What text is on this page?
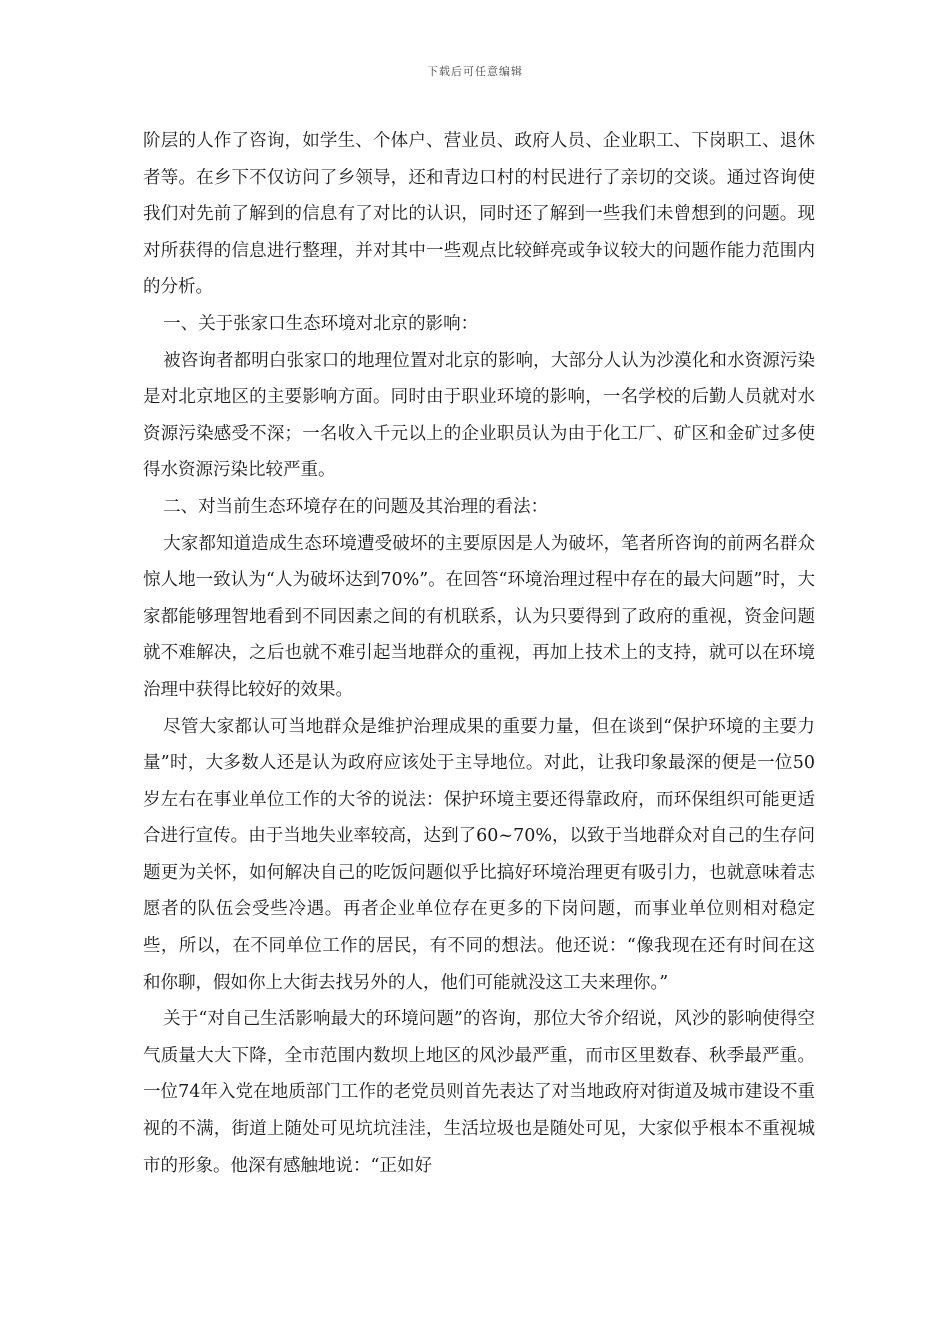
下载后可任意编辑

阶层的人作了咨询，如学生、个体户、营业员、政府人员、企业职工、下岗职工、退休者等。在乡下不仅访问了乡领导，还和青边口村的村民进行了亲切的交谈。通过咨询使我们对先前了解到的信息有了对比的认识，同时还了解到一些我们未曾想到的问题。现对所获得的信息进行整理，并对其中一些观点比较鲜亮或争议较大的问题作能力范围内的分析。

一、关于张家口生态环境对北京的影响：

被咨询者都明白张家口的地理位置对北京的影响，大部分人认为沙漠化和水资源污染是对北京地区的主要影响方面。同时由于职业环境的影响，一名学校的后勤人员就对水资源污染感受不深；一名收入千元以上的企业职员认为由于化工厂、矿区和金矿过多使得水资源污染比较严重。

二、对当前生态环境存在的问题及其治理的看法：

大家都知道造成生态环境遭受破坏的主要原因是人为破坏，笔者所咨询的前两名群众惊人地一致认为“人为破坏达到70%”。在回答“环境治理过程中存在的最大问题”时，大家都能够理智地看到不同因素之间的有机联系，认为只要得到了政府的重视，资金问题就不难解决，之后也就不难引起当地群众的重视，再加上技术上的支持，就可以在环境治理中获得比较好的效果。

尽管大家都认可当地群众是维护治理成果的重要力量，但在谈到“保护环境的主要力量”时，大多数人还是认为政府应该处于主导地位。对此，让我印象最深的便是一位50岁左右在事业单位工作的大爷的说法：保护环境主要还得靠政府，而环保组织可能更适合进行宣传。由于当地失业率较高，达到了60~70%，以致于当地群众对自己的生存问题更为关怀，如何解决自己的吃饭问题似乎比搞好环境治理更有吸引力，也就意味着志愿者的队伍会受些冷遇。再者企业单位存在更多的下岗问题，而事业单位则相对稳定些，所以，在不同单位工作的居民，有不同的想法。他还说：“像我现在还有时间在这和你聊，假如你上大街去找另外的人，他们可能就没这工夫来理你。”

关于“对自己生活影响最大的环境问题”的咨询，那位大爷介绍说，风沙的影响使得空气质量大大下降，全市范围内数坝上地区的风沙最严重，而市区里数春、秋季最严重。一位74年入党在地质部门工作的老党员则首先表达了对当地政府对街道及城市建设不重视的不满，街道上随处可见坑坑洼洼，生活垃圾也是随处可见，大家似乎根本不重视城市的形象。他深有感触地说：“正如好
